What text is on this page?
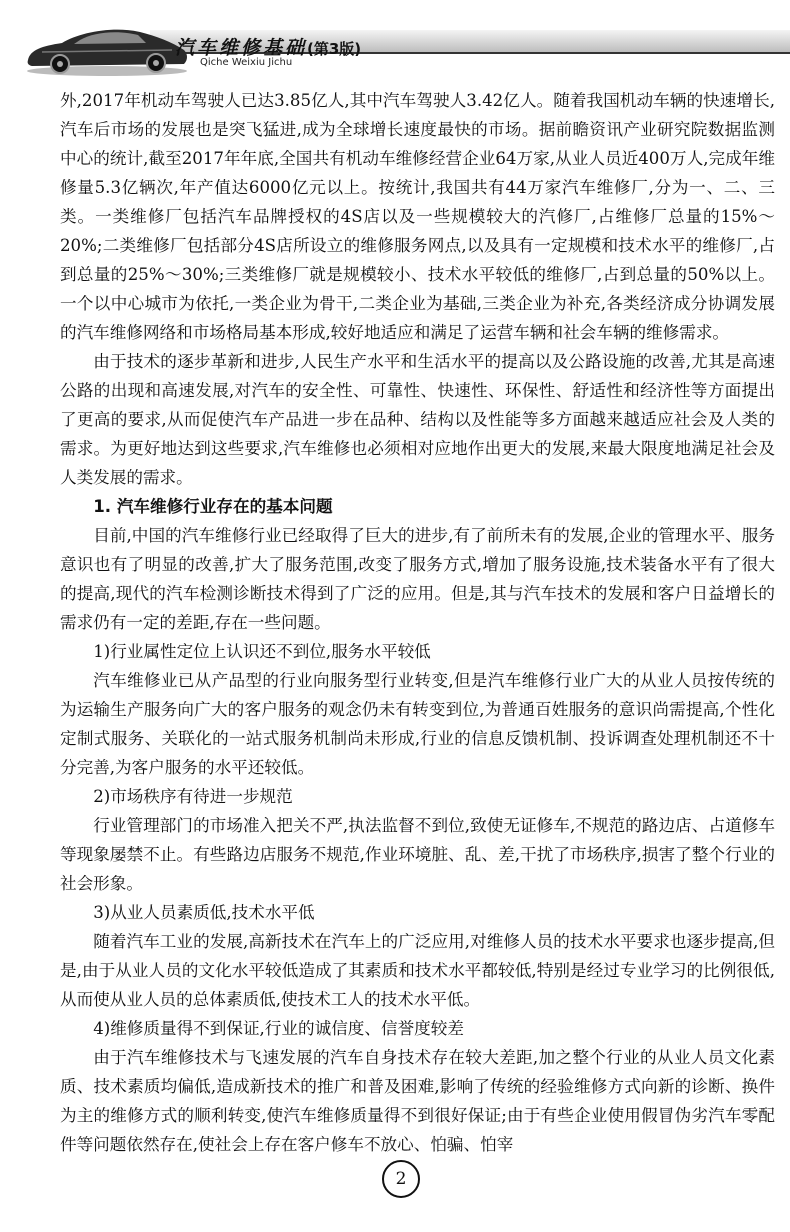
汽车维修基础(第3版)
Qiche Weixiu Jichu

外,2017年机动车驾驶人已达3.85亿人,其中汽车驾驶人3.42亿人。随着我国机动车辆的快速增长,汽车后市场的发展也是突飞猛进,成为全球增长速度最快的市场。据前瞻资讯产业研究院数据监测中心的统计,截至2017年年底,全国共有机动车维修经营企业64万家,从业人员近400万人,完成年维修量5.3亿辆次,年产值达6000亿元以上。按统计,我国共有44万家汽车维修厂,分为一、二、三类。一类维修厂包括汽车品牌授权的4S店以及一些规模较大的汽修厂,占维修厂总量的15%～20%;二类维修厂包括部分4S店所设立的维修服务网点,以及具有一定规模和技术水平的维修厂,占到总量的25%～30%;三类维修厂就是规模较小、技术水平较低的维修厂,占到总量的50%以上。一个以中心城市为依托,一类企业为骨干,二类企业为基础,三类企业为补充,各类经济成分协调发展的汽车维修网络和市场格局基本形成,较好地适应和满足了运营车辆和社会车辆的维修需求。

由于技术的逐步革新和进步,人民生产水平和生活水平的提高以及公路设施的改善,尤其是高速公路的出现和高速发展,对汽车的安全性、可靠性、快速性、环保性、舒适性和经济性等方面提出了更高的要求,从而促使汽车产品进一步在品种、结构以及性能等多方面越来越适应社会及人类的需求。为更好地达到这些要求,汽车维修也必须相对应地作出更大的发展,来最大限度地满足社会及人类发展的需求。

1. 汽车维修行业存在的基本问题

目前,中国的汽车维修行业已经取得了巨大的进步,有了前所未有的发展,企业的管理水平、服务意识也有了明显的改善,扩大了服务范围,改变了服务方式,增加了服务设施,技术装备水平有了很大的提高,现代的汽车检测诊断技术得到了广泛的应用。但是,其与汽车技术的发展和客户日益增长的需求仍有一定的差距,存在一些问题。

1)行业属性定位上认识还不到位,服务水平较低

汽车维修业已从产品型的行业向服务型行业转变,但是汽车维修行业广大的从业人员按传统的为运输生产服务向广大的客户服务的观念仍未有转变到位,为普通百姓服务的意识尚需提高,个性化定制式服务、关联化的一站式服务机制尚未形成,行业的信息反馈机制、投诉调查处理机制还不十分完善,为客户服务的水平还较低。

2)市场秩序有待进一步规范

行业管理部门的市场准入把关不严,执法监督不到位,致使无证修车,不规范的路边店、占道修车等现象屡禁不止。有些路边店服务不规范,作业环境脏、乱、差,干扰了市场秩序,损害了整个行业的社会形象。

3)从业人员素质低,技术水平低

随着汽车工业的发展,高新技术在汽车上的广泛应用,对维修人员的技术水平要求也逐步提高,但是,由于从业人员的文化水平较低造成了其素质和技术水平都较低,特别是经过专业学习的比例很低,从而使从业人员的总体素质低,使技术工人的技术水平低。

4)维修质量得不到保证,行业的诚信度、信誉度较差

由于汽车维修技术与飞速发展的汽车自身技术存在较大差距,加之整个行业的从业人员文化素质、技术素质均偏低,造成新技术的推广和普及困难,影响了传统的经验维修方式向新的诊断、换件为主的维修方式的顺利转变,使汽车维修质量得不到很好保证;由于有些企业使用假冒伪劣汽车零配件等问题依然存在,使社会上存在客户修车不放心、怕骗、怕宰

2
